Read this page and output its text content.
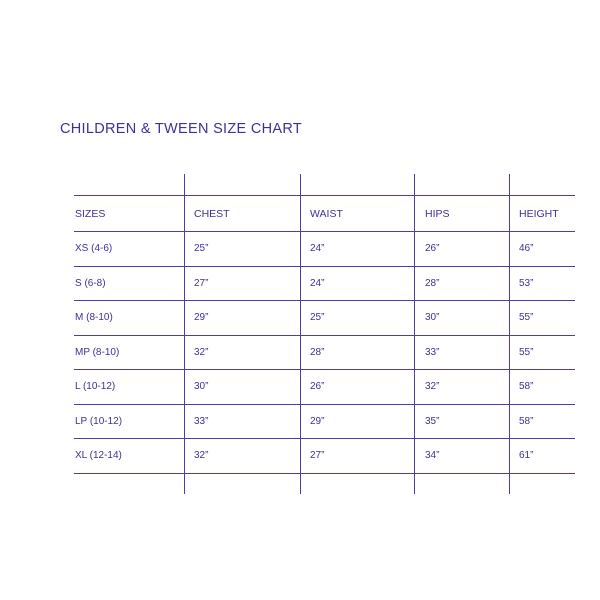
CHILDREN & TWEEN SIZE CHART
SIZES	CHEST	WAIST	HIPS	HEIGHT
XS (4-6)	25”	24”	26”	46”
S (6-8)	27”	24”	28”	53”
M (8-10)	29”	25”	30”	55”
MP (8-10)	32”	28”	33”	55”
L (10-12)	30”	26”	32”	58”
LP (10-12)	33”	29”	35”	58”
XL (12-14)	32”	27”	34”	61”
